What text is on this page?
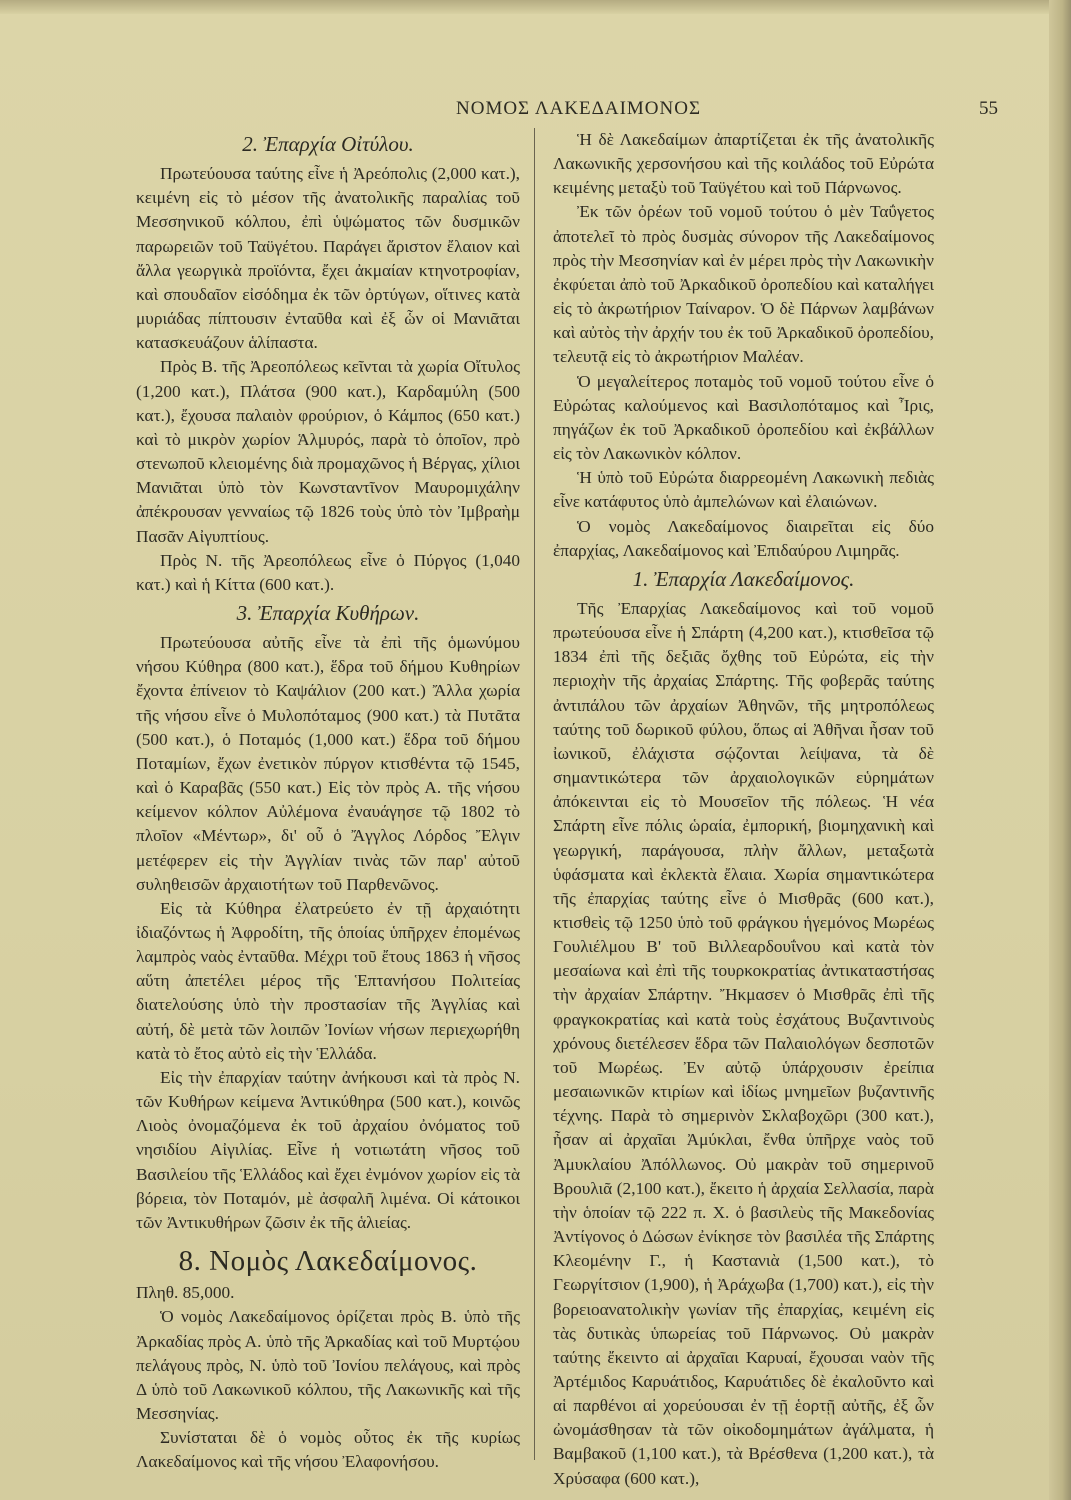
ΝΟΜΟΣ ΛΑΚΕΔΑΙΜΟΝΟΣ	55

2. Ἐπαρχία Οἰτύλου.

Πρωτεύουσα ταύτης εἶνε ἡ Ἀρεόπολις (2,000 κατ.), κειμένη εἰς τὸ μέσον τῆς ἀνατολικῆς παραλίας τοῦ Μεσσηνικοῦ κόλπου, ἐπὶ ὑψώματος τῶν δυσμικῶν παρωρειῶν τοῦ Ταϋγέτου. Παράγει ἄριστον ἔλαιον καὶ ἄλλα γεωργικὰ προϊόντα, ἔχει ἀκμαίαν κτηνοτροφίαν, καὶ σπουδαῖον εἰσόδημα ἐκ τῶν ὀρτύγων, οἵτινες κατὰ μυριάδας πίπτουσιν ἐνταῦθα καὶ ἐξ ὧν οἱ Μανιᾶται κατασκευάζουν ἁλίπαστα.

Πρὸς Β. τῆς Ἀρεοπόλεως κεῖνται τὰ χωρία Οἴτυλος (1,200 κατ.), Πλάτσα (900 κατ.), Καρδαμύλη (500 κατ.), ἔχουσα παλαιὸν φρούριον, ὁ Κάμπος (650 κατ.) καὶ τὸ μικρὸν χωρίον Ἁλμυρός, παρὰ τὸ ὁποῖον, πρὸ στενωποῦ κλειομένης διὰ προμαχῶνος ἡ Βέργας, χίλιοι Μανιᾶται ὑπὸ τὸν Κωνσταντῖνον Μαυρομιχάλην ἀπέκρουσαν γενναίως τῷ 1826 τοὺς ὑπὸ τὸν Ἰμβραὴμ Πασᾶν Αἰγυπτίους.

Πρὸς Ν. τῆς Ἀρεοπόλεως εἶνε ὁ Πύργος (1,040 κατ.) καὶ ἡ Κίττα (600 κατ.).

3. Ἐπαρχία Κυθήρων.

Πρωτεύουσα αὐτῆς εἶνε τὰ ἐπὶ τῆς ὁμωνύμου νήσου Κύθηρα (800 κατ.), ἕδρα τοῦ δήμου Κυθηρίων ἔχοντα ἐπίνειον τὸ Καψάλιον (200 κατ.) Ἄλλα χωρία τῆς νήσου εἶνε ὁ Μυλοπόταμος (900 κατ.) τὰ Πυτᾶτα (500 κατ.), ὁ Ποταμός (1,000 κατ.) ἕδρα τοῦ δήμου Ποταμίων, ἔχων ἐνετικὸν πύργον κτισθέντα τῷ 1545, καὶ ὁ Καραβᾶς (550 κατ.) Εἰς τὸν πρὸς Α. τῆς νήσου κείμενον κόλπον Αὐλέμονα ἐναυάγησε τῷ 1802 τὸ πλοῖον «Μέντωρ», δι' οὗ ὁ Ἄγγλος Λόρδος Ἔλγιν μετέφερεν εἰς τὴν Ἀγγλίαν τινὰς τῶν παρ' αὐτοῦ συληθεισῶν ἀρχαιοτήτων τοῦ Παρθενῶνος.

Εἰς τὰ Κύθηρα ἐλατρεύετο ἐν τῇ ἀρχαιότητι ἰδιαζόντως ἡ Ἀφροδίτη, τῆς ὁποίας ὑπῆρχεν ἐπομένως λαμπρὸς ναὸς ἐνταῦθα. Μέχρι τοῦ ἔτους 1863 ἡ νῆσος αὕτη ἀπετέλει μέρος τῆς Ἑπτανήσου Πολιτείας διατελούσης ὑπὸ τὴν προστασίαν τῆς Ἀγγλίας καὶ αὐτή, δὲ μετὰ τῶν λοιπῶν Ἰονίων νήσων περιεχωρήθη κατὰ τὸ ἔτος αὐτὸ εἰς τὴν Ἑλλάδα.

Εἰς τὴν ἐπαρχίαν ταύτην ἀνήκουσι καὶ τὰ πρὸς Ν. τῶν Κυθήρων κείμενα Ἀντικύθηρα (500 κατ.), κοινῶς Λιοὸς ὀνομαζόμενα ἐκ τοῦ ἀρχαίου ὀνόματος τοῦ νησιδίου Αἰγιλίας. Εἶνε ἡ νοτιωτάτη νῆσος τοῦ Βασιλείου τῆς Ἑλλάδος καὶ ἔχει ἐνμόνον χωρίον εἰς τὰ βόρεια, τὸν Ποταμόν, μὲ ἀσφαλῆ λιμένα. Οἱ κάτοικοι τῶν Ἀντικυθήρων ζῶσιν ἐκ τῆς ἁλιείας.

8. Νομὸς Λακεδαίμονος.

Πληθ. 85,000.

Ὁ νομὸς Λακεδαίμονος ὁρίζεται πρὸς Β. ὑπὸ τῆς Ἀρκαδίας πρὸς Α. ὑπὸ τῆς Ἀρκαδίας καὶ τοῦ Μυρτῴου πελάγους πρὸς, Ν. ὑπὸ τοῦ Ἰονίου πελάγους, καὶ πρὸς Δ ὑπὸ τοῦ Λακωνικοῦ κόλπου, τῆς Λακωνικῆς καὶ τῆς Μεσσηνίας.

Συνίσταται δὲ ὁ νομὸς οὗτος ἐκ τῆς κυρίως Λακεδαίμονος καὶ τῆς νήσου Ἐλαφονήσου.

Ἡ δὲ Λακεδαίμων ἀπαρτίζεται ἐκ τῆς ἀνατολικῆς Λακωνικῆς χερσονήσου καὶ τῆς κοιλάδος τοῦ Εὐρώτα κειμένης μεταξὺ τοῦ Ταϋγέτου καὶ τοῦ Πάρνωνος.

Ἐκ τῶν ὀρέων τοῦ νομοῦ τούτου ὁ μὲν Ταΰγετος ἀποτελεῖ τὸ πρὸς δυσμὰς σύνορον τῆς Λακεδαίμονος πρὸς τὴν Μεσσηνίαν καὶ ἐν μέρει πρὸς τὴν Λακωνικὴν ἐκφύεται ἀπὸ τοῦ Ἀρκαδικοῦ ὀροπεδίου καὶ καταλήγει εἰς τὸ ἀκρωτήριον Ταίναρον. Ὁ δὲ Πάρνων λαμβάνων καὶ αὐτὸς τὴν ἀρχήν του ἐκ τοῦ Ἀρκαδικοῦ ὀροπεδίου, τελευτᾷ εἰς τὸ ἀκρωτήριον Μαλέαν.

Ὁ μεγαλείτερος ποταμὸς τοῦ νομοῦ τούτου εἶνε ὁ Εὐρώτας καλούμενος καὶ Βασιλοπόταμος καὶ Ἶρις, πηγάζων ἐκ τοῦ Ἀρκαδικοῦ ὀροπεδίου καὶ ἐκβάλλων εἰς τὸν Λακωνικὸν κόλπον.

Ἡ ὑπὸ τοῦ Εὐρώτα διαρρεομένη Λακωνικὴ πεδιὰς εἶνε κατάφυτος ὑπὸ ἀμπελώνων καὶ ἐλαιώνων.

Ὁ νομὸς Λακεδαίμονος διαιρεῖται εἰς δύο ἐπαρχίας, Λακεδαίμονος καὶ Ἐπιδαύρου Λιμηρᾶς.

1. Ἐπαρχία Λακεδαίμονος.

Τῆς Ἐπαρχίας Λακεδαίμονος καὶ τοῦ νομοῦ πρωτεύουσα εἶνε ἡ Σπάρτη (4,200 κατ.), κτισθεῖσα τῷ 1834 ἐπὶ τῆς δεξιᾶς ὄχθης τοῦ Εὐρώτα, εἰς τὴν περιοχὴν τῆς ἀρχαίας Σπάρτης. Τῆς φοβερᾶς ταύτης ἀντιπάλου τῶν ἀρχαίων Ἀθηνῶν, τῆς μητροπόλεως ταύτης τοῦ δωρικοῦ φύλου, ὅπως αἱ Ἀθῆναι ἦσαν τοῦ ἰωνικοῦ, ἐλάχιστα σῴζονται λείψανα, τὰ δὲ σημαντικώτερα τῶν ἀρχαιολογικῶν εὑρημάτων ἀπόκεινται εἰς τὸ Μουσεῖον τῆς πόλεως. Ἡ νέα Σπάρτη εἶνε πόλις ὡραία, ἐμπορική, βιομηχανικὴ καὶ γεωργική, παράγουσα, πλὴν ἄλλων, μεταξωτὰ ὑφάσματα καὶ ἐκλεκτὰ ἔλαια. Χωρία σημαντικώτερα τῆς ἐπαρχίας ταύτης εἶνε ὁ Μισθρᾶς (600 κατ.), κτισθεὶς τῷ 1250 ὑπὸ τοῦ φράγκου ἡγεμόνος Μωρέως Γουλιέλμου Β' τοῦ Βιλλεαρδουΐνου καὶ κατὰ τὸν μεσαίωνα καὶ ἐπὶ τῆς τουρκοκρατίας ἀντικαταστήσας τὴν ἀρχαίαν Σπάρτην. Ἤκμασεν ὁ Μισθρᾶς ἐπὶ τῆς φραγκοκρατίας καὶ κατὰ τοὺς ἐσχάτους Βυζαντινοὺς χρόνους διετέλεσεν ἕδρα τῶν Παλαιολόγων δεσποτῶν τοῦ Μωρέως. Ἐν αὐτῷ ὑπάρχουσιν ἐρείπια μεσαιωνικῶν κτιρίων καὶ ἰδίως μνημεῖων βυζαντινῆς τέχνης. Παρὰ τὸ σημερινὸν Σκλαβοχῶρι (300 κατ.), ἦσαν αἱ ἀρχαῖαι Ἀμύκλαι, ἔνθα ὑπῆρχε ναὸς τοῦ Ἀμυκλαίου Ἀπόλλωνος. Οὐ μακρὰν τοῦ σημερινοῦ Βρουλιᾶ (2,100 κατ.), ἔκειτο ἡ ἀρχαία Σελλασία, παρὰ τὴν ὁποίαν τῷ 222 π. Χ. ὁ βασιλεὺς τῆς Μακεδονίας Ἀντίγονος ὁ Δώσων ἐνίκησε τὸν βασιλέα τῆς Σπάρτης Κλεομένην Γ., ἡ Καστανιὰ (1,500 κατ.), τὸ Γεωργίτσιον (1,900), ἡ Ἀράχωβα (1,700) κατ.), εἰς τὴν βορειοανατολικὴν γωνίαν τῆς ἐπαρχίας, κειμένη εἰς τὰς δυτικὰς ὑπωρείας τοῦ Πάρνωνος. Οὐ μακρὰν ταύτης ἔκειντο αἱ ἀρχαῖαι Καρυαί, ἔχουσαι ναὸν τῆς Ἀρτέμιδος Καρυάτιδος, Καρυάτιδες δὲ ἐκαλοῦντο καὶ αἱ παρθένοι αἱ χορεύουσαι ἐν τῇ ἑορτῇ αὐτῆς, ἐξ ὧν ὠνομάσθησαν τὰ τῶν οἰκοδομημάτων ἀγάλματα, ἡ Βαμβακοῦ (1,100 κατ.), τὰ Βρέσθενα (1,200 κατ.), τὰ Χρύσαφα (600 κατ.),
